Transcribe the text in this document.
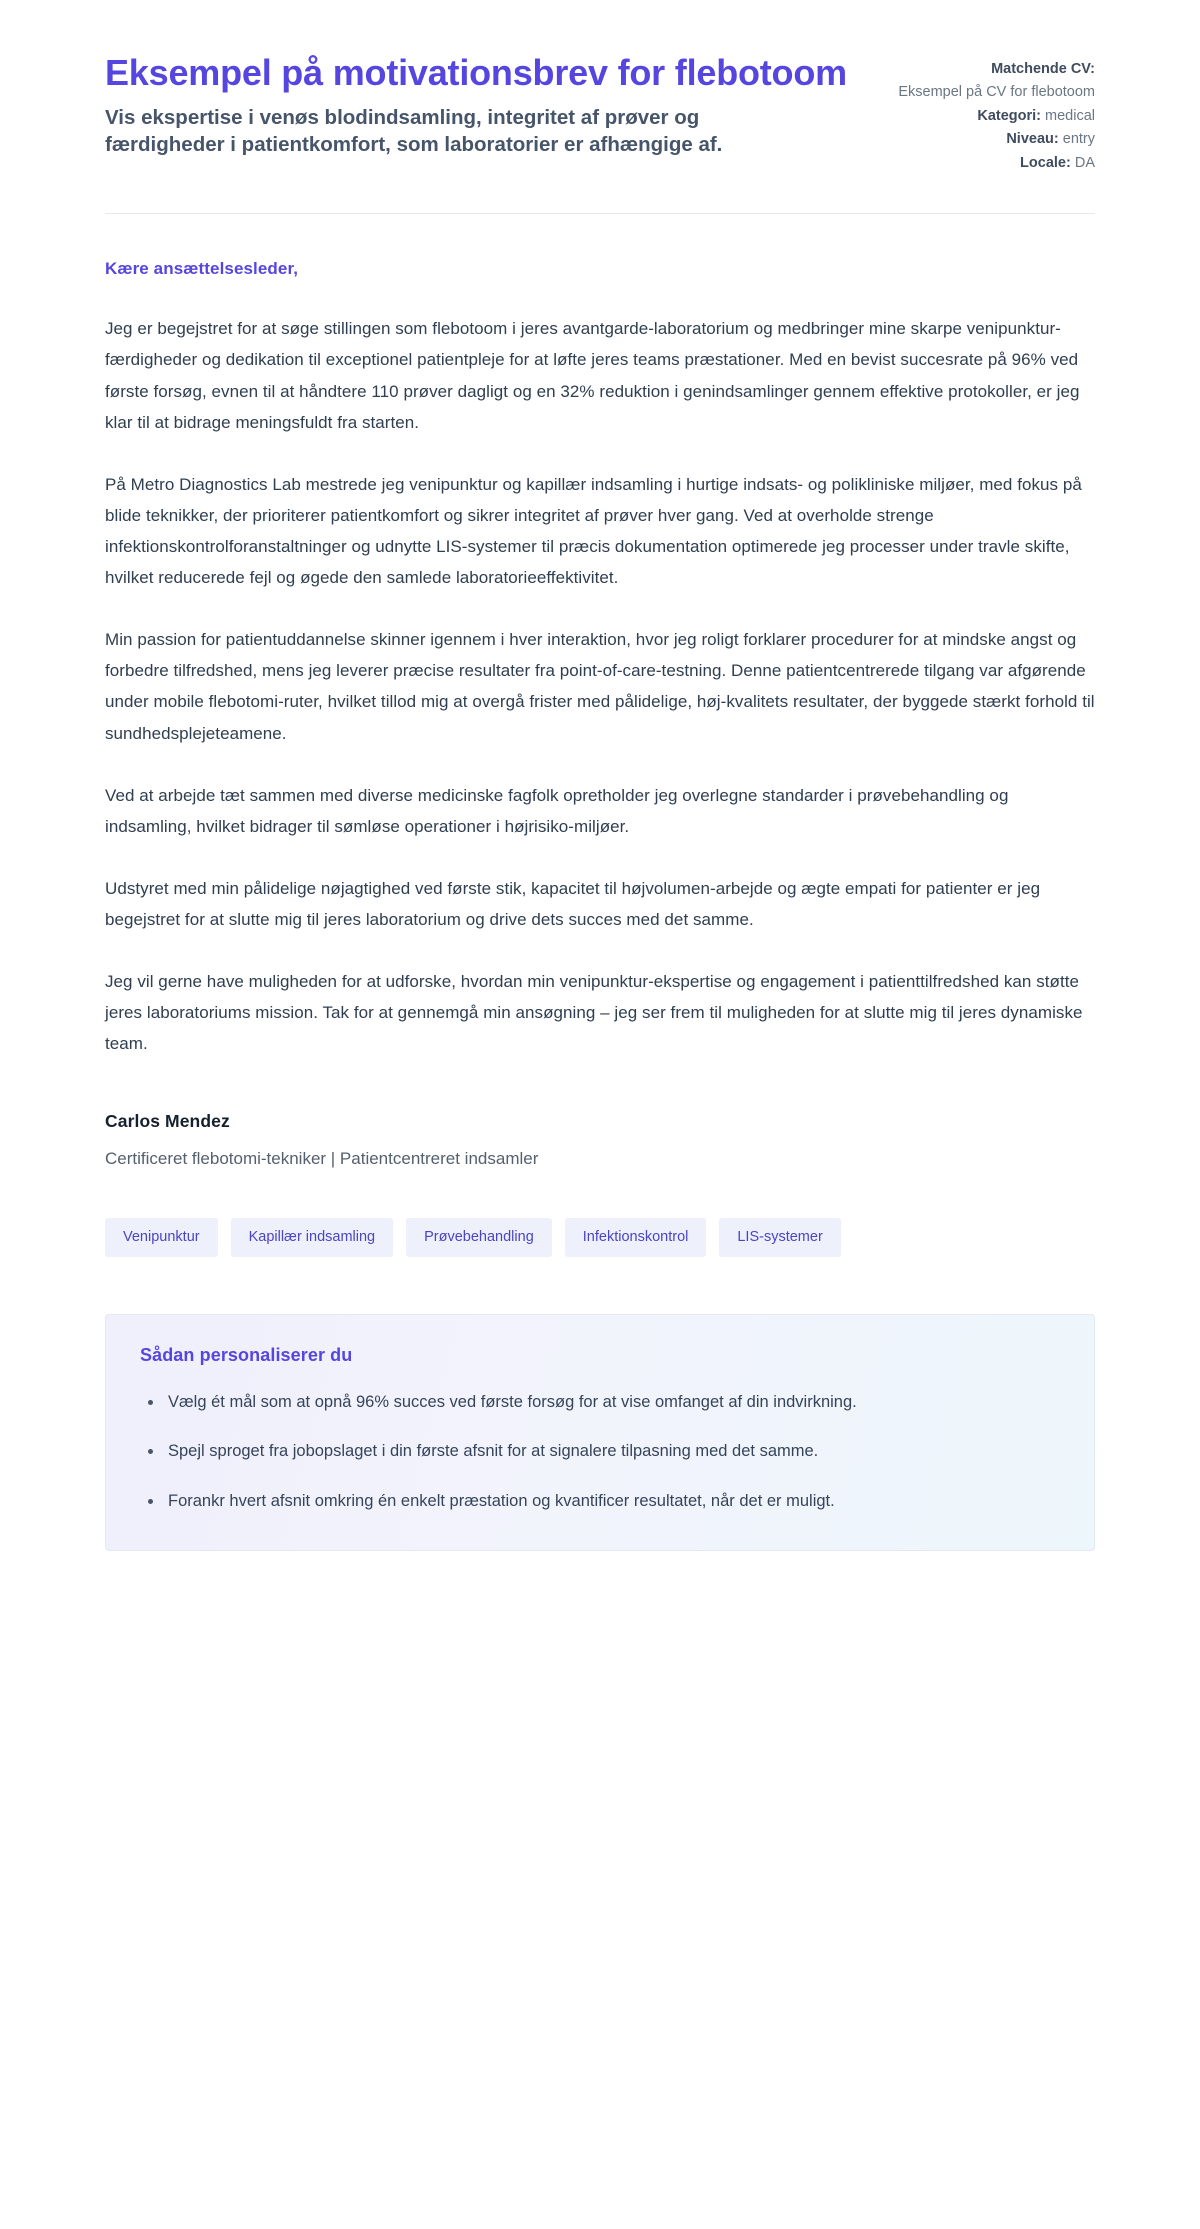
Eksempel på motivationsbrev for flebotoom

Vis ekspertise i venøs blodindsamling, integritet af prøver og færdigheder i patientkomfort, som laboratorier er afhængige af.

Matchende CV:
Eksempel på CV for flebotoom
Kategori: medical
Niveau: entry
Locale: DA

Kære ansættelsesleder,

Jeg er begejstret for at søge stillingen som flebotoom i jeres avantgarde-laboratorium og medbringer mine skarpe venipunktur-færdigheder og dedikation til exceptionel patientpleje for at løfte jeres teams præstationer. Med en bevist succesrate på 96% ved første forsøg, evnen til at håndtere 110 prøver dagligt og en 32% reduktion i genindsamlinger gennem effektive protokoller, er jeg klar til at bidrage meningsfuldt fra starten.

På Metro Diagnostics Lab mestrede jeg venipunktur og kapillær indsamling i hurtige indsats- og polikliniske miljøer, med fokus på blide teknikker, der prioriterer patientkomfort og sikrer integritet af prøver hver gang. Ved at overholde strenge infektionskontrolforanstaltninger og udnytte LIS-systemer til præcis dokumentation optimerede jeg processer under travle skifte, hvilket reducerede fejl og øgede den samlede laboratorieeffektivitet.

Min passion for patientuddannelse skinner igennem i hver interaktion, hvor jeg roligt forklarer procedurer for at mindske angst og forbedre tilfredshed, mens jeg leverer præcise resultater fra point-of-care-testning. Denne patientcentrerede tilgang var afgørende under mobile flebotomi-ruter, hvilket tillod mig at overgå frister med pålidelige, høj-kvalitets resultater, der byggede stærkt forhold til sundhedsplejeteamene.

Ved at arbejde tæt sammen med diverse medicinske fagfolk opretholder jeg overlegne standarder i prøvebehandling og indsamling, hvilket bidrager til sømløse operationer i højrisiko-miljøer.

Udstyret med min pålidelige nøjagtighed ved første stik, kapacitet til højvolumen-arbejde og ægte empati for patienter er jeg begejstret for at slutte mig til jeres laboratorium og drive dets succes med det samme.

Jeg vil gerne have muligheden for at udforske, hvordan min venipunktur-ekspertise og engagement i patienttilfredshed kan støtte jeres laboratoriums mission. Tak for at gennemgå min ansøgning – jeg ser frem til muligheden for at slutte mig til jeres dynamiske team.

Carlos Mendez

Certificeret flebotomi-tekniker | Patientcentreret indsamler

Venipunktur	Kapillær indsamling	Prøvebehandling	Infektionskontrol	LIS-systemer

Sådan personaliserer du

Vælg ét mål som at opnå 96% succes ved første forsøg for at vise omfanget af din indvirkning.
Spejl sproget fra jobopslaget i din første afsnit for at signalere tilpasning med det samme.
Forankr hvert afsnit omkring én enkelt præstation og kvantificer resultatet, når det er muligt.
